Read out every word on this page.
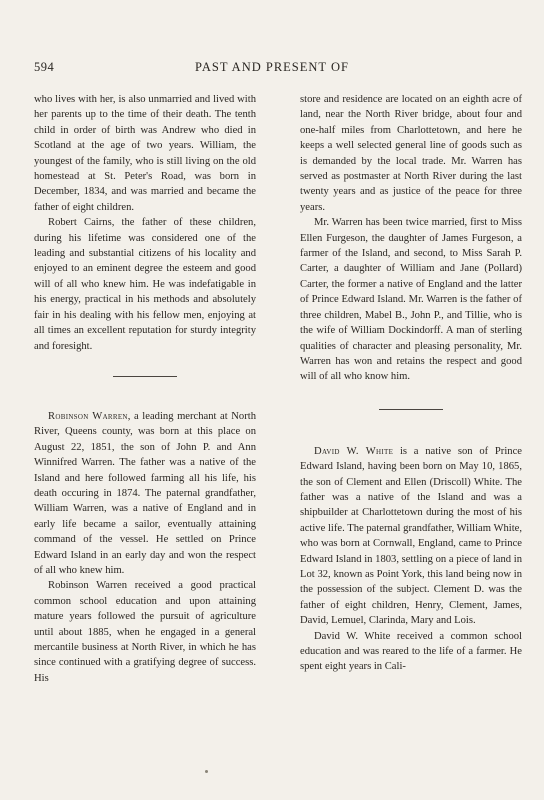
594	PAST AND PRESENT OF

who lives with her, is also unmarried and lived with her parents up to the time of their death. The tenth child in order of birth was Andrew who died in Scotland at the age of two years. William, the youngest of the family, who is still living on the old homestead at St. Peter's Road, was born in December, 1834, and was married and became the father of eight children.

Robert Cairns, the father of these children, during his lifetime was considered one of the leading and substantial citizens of his locality and enjoyed to an eminent degree the esteem and good will of all who knew him. He was indefatigable in his energy, practical in his methods and absolutely fair in his dealing with his fellow men, enjoying at all times an excellent reputation for sturdy integrity and foresight.

Robinson Warren, a leading merchant at North River, Queens county, was born at this place on August 22, 1851, the son of John P. and Ann Winnifred Warren. The father was a native of the Island and here followed farming all his life, his death occuring in 1874. The paternal grandfather, William Warren, was a native of England and in early life became a sailor, eventually attaining command of the vessel. He settled on Prince Edward Island in an early day and won the respect of all who knew him.

Robinson Warren received a good practical common school education and upon attaining mature years followed the pursuit of agriculture until about 1885, when he engaged in a general mercantile business at North River, in which he has since continued with a gratifying degree of success. His

store and residence are located on an eighth acre of land, near the North River bridge, about four and one-half miles from Charlottetown, and here he keeps a well selected general line of goods such as is demanded by the local trade. Mr. Warren has served as postmaster at North River during the last twenty years and as justice of the peace for three years.

Mr. Warren has been twice married, first to Miss Ellen Furgeson, the daughter of James Furgeson, a farmer of the Island, and second, to Miss Sarah P. Carter, a daughter of William and Jane (Pollard) Carter, the former a native of England and the latter of Prince Edward Island. Mr. Warren is the father of three children, Mabel B., John P., and Tillie, who is the wife of William Dockindorff. A man of sterling qualities of character and pleasing personality, Mr. Warren has won and retains the respect and good will of all who know him.

David W. White is a native son of Prince Edward Island, having been born on May 10, 1865, the son of Clement and Ellen (Driscoll) White. The father was a native of the Island and was a shipbuilder at Charlottetown during the most of his active life. The paternal grandfather, William White, who was born at Cornwall, England, came to Prince Edward Island in 1803, settling on a piece of land in Lot 32, known as Point York, this land being now in the possession of the subject. Clement D. was the father of eight children, Henry, Clement, James, David, Lemuel, Clarinda, Mary and Lois.

David W. White received a common school education and was reared to the life of a farmer. He spent eight years in Cali-
